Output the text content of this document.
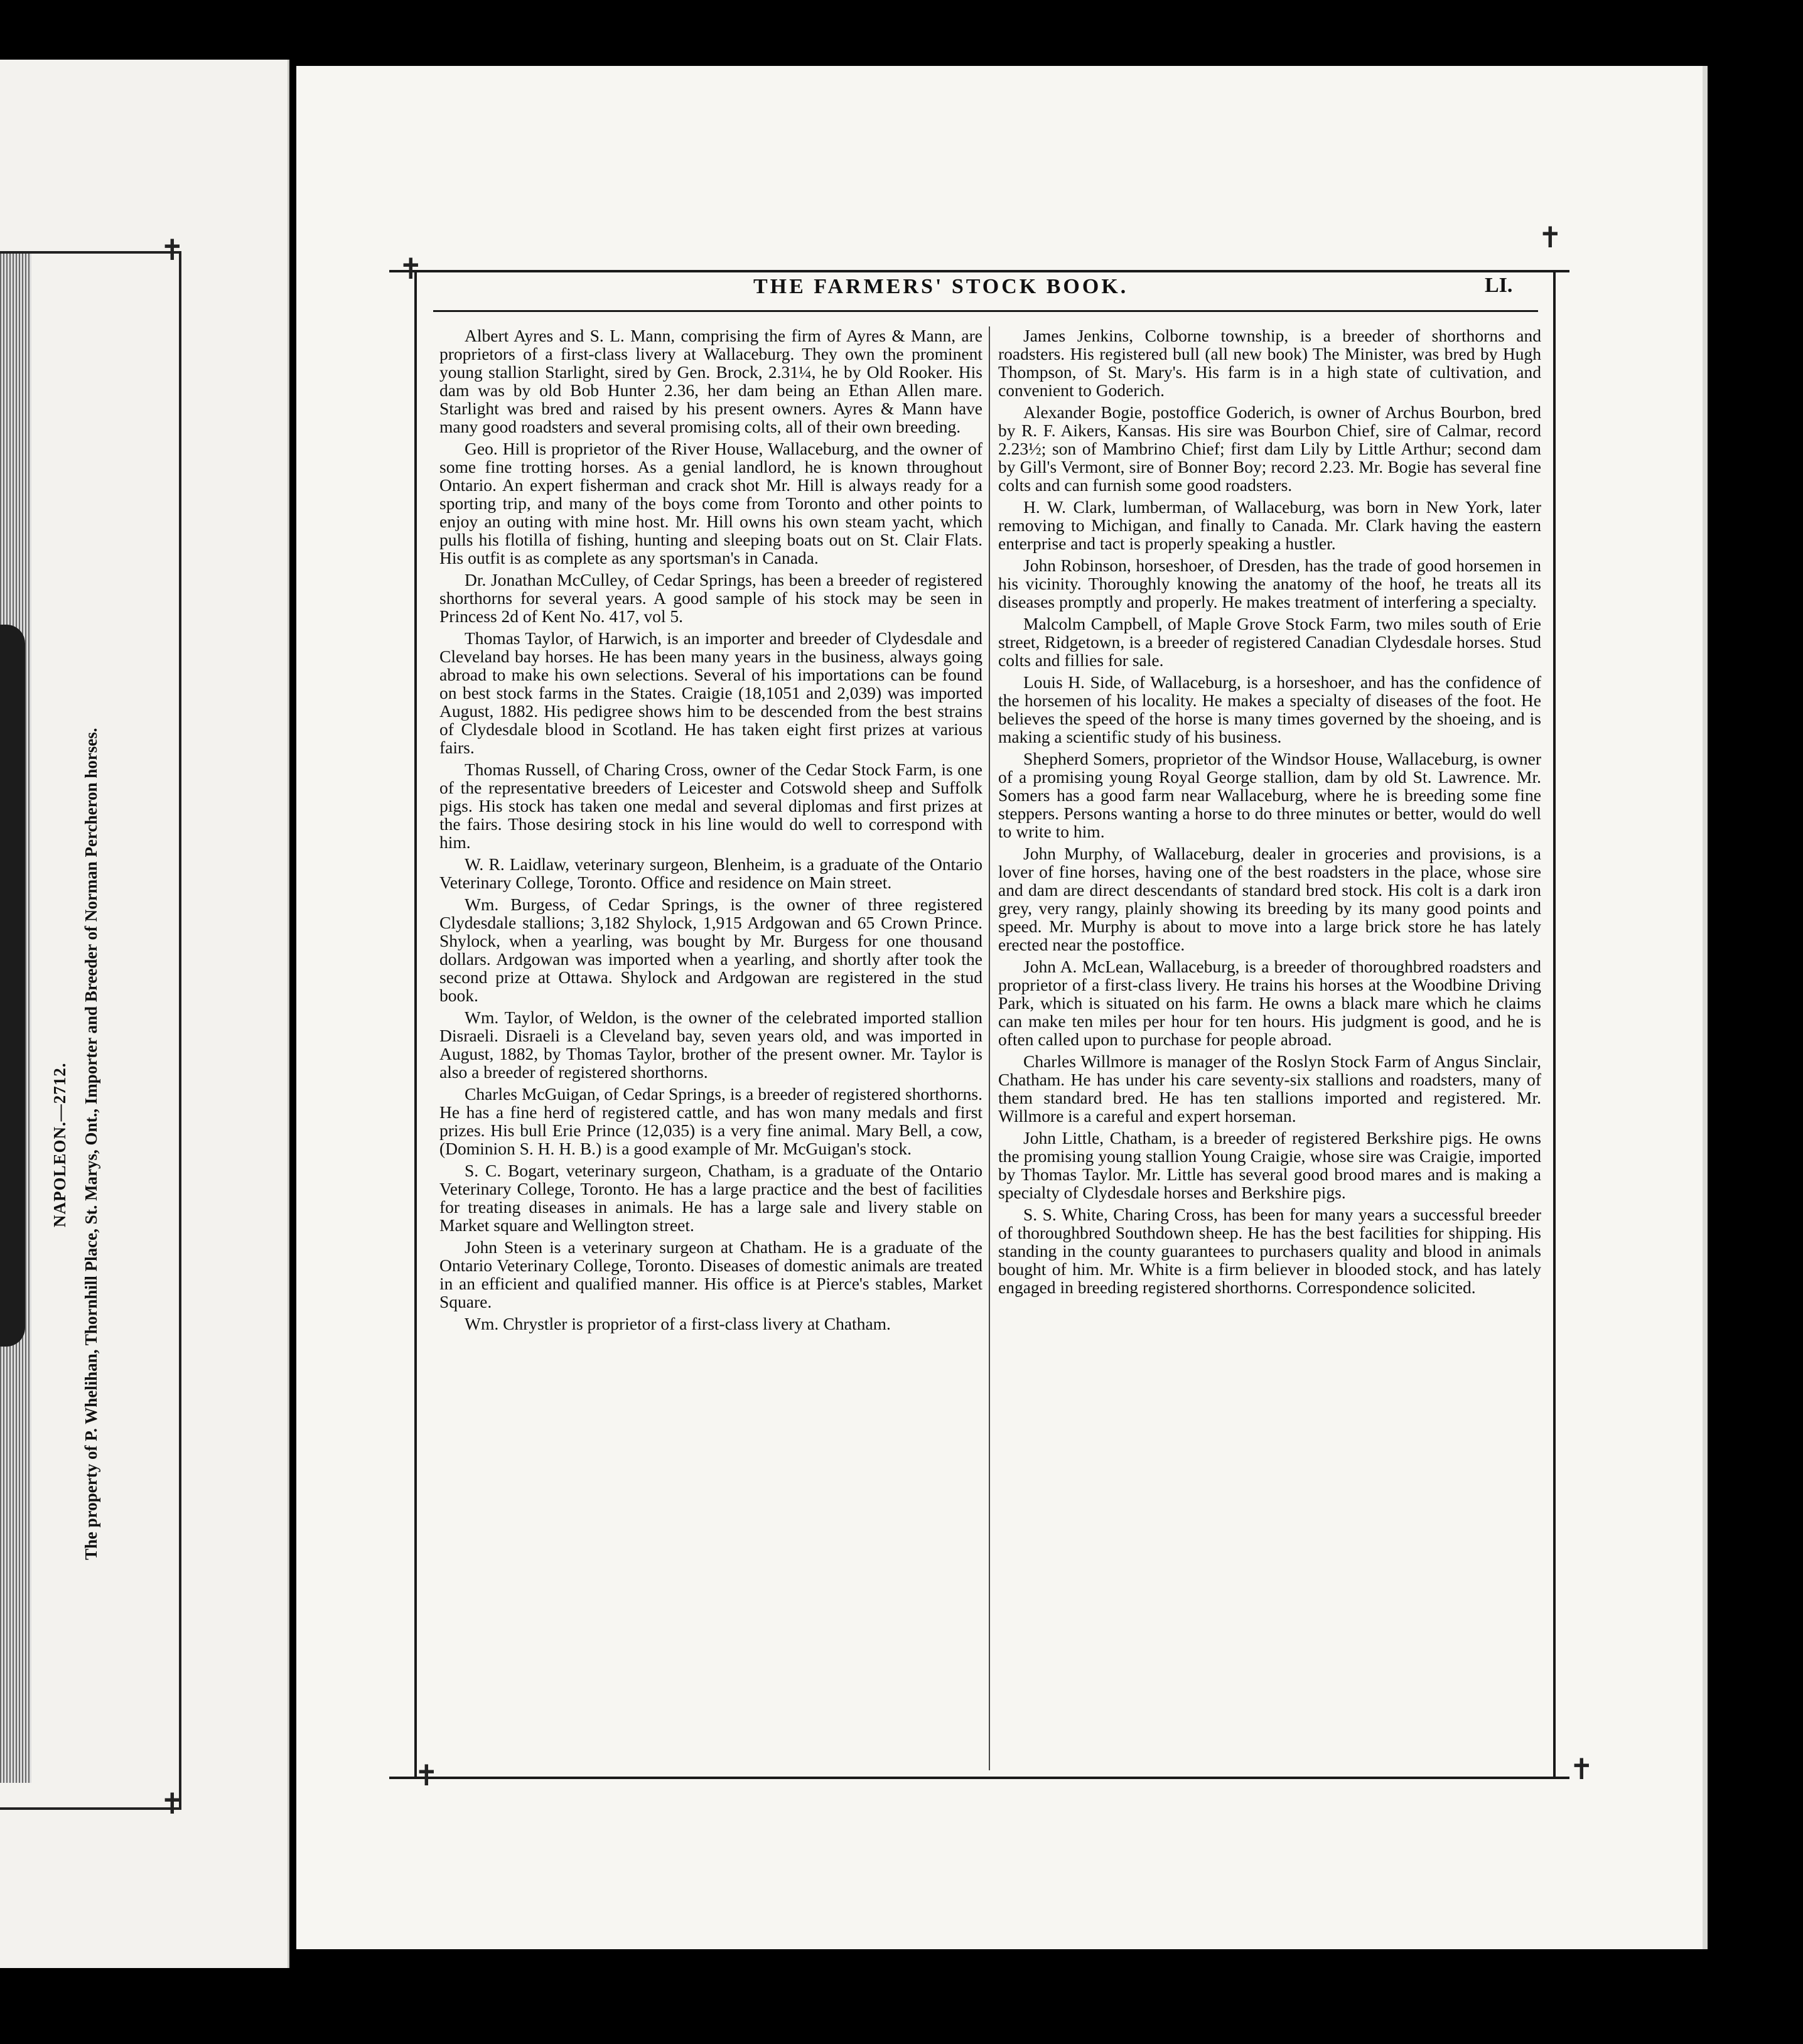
NAPOLEON.—2712. The property of P. Whelihan, Thornhill Place, St. Marys, Ont., Importer and Breeder of Norman Percheron horses.
✝
✝
✝
✝
✝	✝
THE FARMERS' STOCK BOOK.	LI.

Albert Ayres and S. L. Mann, comprising the firm of Ayres & Mann, are proprietors of a first-class livery at Wallaceburg. They own the prominent young stallion Starlight, sired by Gen. Brock, 2.31¼, he by Old Rooker. His dam was by old Bob Hunter 2.36, her dam being an Ethan Allen mare. Starlight was bred and raised by his present owners. Ayres & Mann have many good roadsters and several promising colts, all of their own breeding.

Geo. Hill is proprietor of the River House, Wallaceburg, and the owner of some fine trotting horses. As a genial landlord, he is known throughout Ontario. An expert fisherman and crack shot Mr. Hill is always ready for a sporting trip, and many of the boys come from Toronto and other points to enjoy an outing with mine host. Mr. Hill owns his own steam yacht, which pulls his flotilla of fishing, hunting and sleeping boats out on St. Clair Flats. His outfit is as complete as any sportsman's in Canada.

Dr. Jonathan McCulley, of Cedar Springs, has been a breeder of registered shorthorns for several years. A good sample of his stock may be seen in Princess 2d of Kent No. 417, vol 5.

Thomas Taylor, of Harwich, is an importer and breeder of Clydesdale and Cleveland bay horses. He has been many years in the business, always going abroad to make his own selections. Several of his importations can be found on best stock farms in the States. Craigie (18,1051 and 2,039) was imported August, 1882. His pedigree shows him to be descended from the best strains of Clydesdale blood in Scotland. He has taken eight first prizes at various fairs.

Thomas Russell, of Charing Cross, owner of the Cedar Stock Farm, is one of the representative breeders of Leicester and Cotswold sheep and Suffolk pigs. His stock has taken one medal and several diplomas and first prizes at the fairs. Those desiring stock in his line would do well to correspond with him.

W. R. Laidlaw, veterinary surgeon, Blenheim, is a graduate of the Ontario Veterinary College, Toronto. Office and residence on Main street.

Wm. Burgess, of Cedar Springs, is the owner of three registered Clydesdale stallions; 3,182 Shylock, 1,915 Ardgowan and 65 Crown Prince. Shylock, when a yearling, was bought by Mr. Burgess for one thousand dollars. Ardgowan was imported when a yearling, and shortly after took the second prize at Ottawa. Shylock and Ardgowan are registered in the stud book.

Wm. Taylor, of Weldon, is the owner of the celebrated imported stallion Disraeli. Disraeli is a Cleveland bay, seven years old, and was imported in August, 1882, by Thomas Taylor, brother of the present owner. Mr. Taylor is also a breeder of registered shorthorns.

Charles McGuigan, of Cedar Springs, is a breeder of registered shorthorns. He has a fine herd of registered cattle, and has won many medals and first prizes. His bull Erie Prince (12,035) is a very fine animal. Mary Bell, a cow, (Dominion S. H. H. B.) is a good example of Mr. McGuigan's stock.

S. C. Bogart, veterinary surgeon, Chatham, is a graduate of the Ontario Veterinary College, Toronto. He has a large practice and the best of facilities for treating diseases in animals. He has a large sale and livery stable on Market square and Wellington street.

John Steen is a veterinary surgeon at Chatham. He is a graduate of the Ontario Veterinary College, Toronto. Diseases of domestic animals are treated in an efficient and qualified manner. His office is at Pierce's stables, Market Square.

Wm. Chrystler is proprietor of a first-class livery at Chatham.

James Jenkins, Colborne township, is a breeder of shorthorns and roadsters. His registered bull (all new book) The Minister, was bred by Hugh Thompson, of St. Mary's. His farm is in a high state of cultivation, and convenient to Goderich.

Alexander Bogie, postoffice Goderich, is owner of Archus Bourbon, bred by R. F. Aikers, Kansas. His sire was Bourbon Chief, sire of Calmar, record 2.23½; son of Mambrino Chief; first dam Lily by Little Arthur; second dam by Gill's Vermont, sire of Bonner Boy; record 2.23. Mr. Bogie has several fine colts and can furnish some good roadsters.

H. W. Clark, lumberman, of Wallaceburg, was born in New York, later removing to Michigan, and finally to Canada. Mr. Clark having the eastern enterprise and tact is properly speaking a hustler.

John Robinson, horseshoer, of Dresden, has the trade of good horsemen in his vicinity. Thoroughly knowing the anatomy of the hoof, he treats all its diseases promptly and properly. He makes treatment of interfering a specialty.

Malcolm Campbell, of Maple Grove Stock Farm, two miles south of Erie street, Ridgetown, is a breeder of registered Canadian Clydesdale horses. Stud colts and fillies for sale.

Louis H. Side, of Wallaceburg, is a horseshoer, and has the confidence of the horsemen of his locality. He makes a specialty of diseases of the foot. He believes the speed of the horse is many times governed by the shoeing, and is making a scientific study of his business.

Shepherd Somers, proprietor of the Windsor House, Wallaceburg, is owner of a promising young Royal George stallion, dam by old St. Lawrence. Mr. Somers has a good farm near Wallaceburg, where he is breeding some fine steppers. Persons wanting a horse to do three minutes or better, would do well to write to him.

John Murphy, of Wallaceburg, dealer in groceries and provisions, is a lover of fine horses, having one of the best roadsters in the place, whose sire and dam are direct descendants of standard bred stock. His colt is a dark iron grey, very rangy, plainly showing its breeding by its many good points and speed. Mr. Murphy is about to move into a large brick store he has lately erected near the postoffice.

John A. McLean, Wallaceburg, is a breeder of thoroughbred roadsters and proprietor of a first-class livery. He trains his horses at the Woodbine Driving Park, which is situated on his farm. He owns a black mare which he claims can make ten miles per hour for ten hours. His judgment is good, and he is often called upon to purchase for people abroad.

Charles Willmore is manager of the Roslyn Stock Farm of Angus Sinclair, Chatham. He has under his care seventy-six stallions and roadsters, many of them standard bred. He has ten stallions imported and registered. Mr. Willmore is a careful and expert horseman.

John Little, Chatham, is a breeder of registered Berkshire pigs. He owns the promising young stallion Young Craigie, whose sire was Craigie, imported by Thomas Taylor. Mr. Little has several good brood mares and is making a specialty of Clydesdale horses and Berkshire pigs.

S. S. White, Charing Cross, has been for many years a successful breeder of thoroughbred Southdown sheep. He has the best facilities for shipping. His standing in the county guarantees to purchasers quality and blood in animals bought of him. Mr. White is a firm believer in blooded stock, and has lately engaged in breeding registered shorthorns. Correspondence solicited.
